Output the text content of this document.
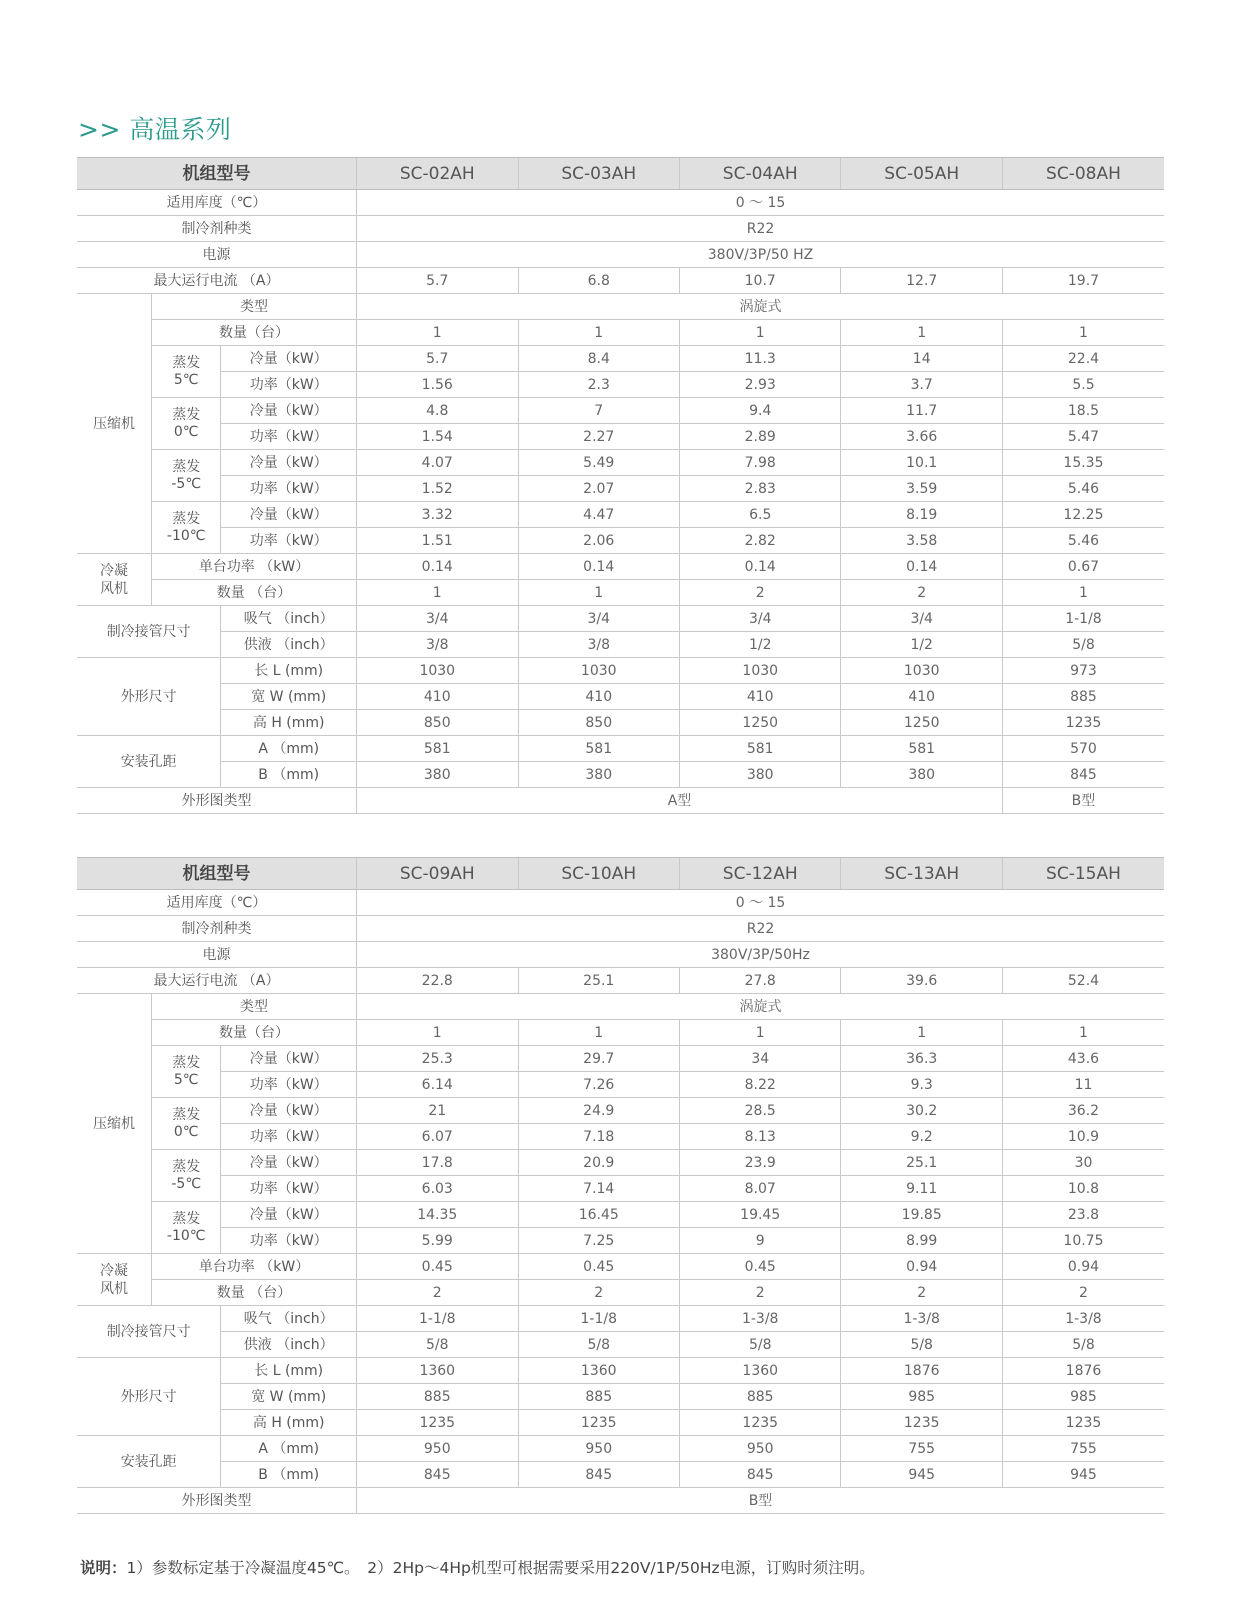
>> 高温系列
机组型号			SC-02AH	SC-03AH	SC-04AH	SC-05AH	SC-08AH
适用库度（℃）			0 ～ 15				
制冷剂种类			R22				
电源			380V/3P/50 HZ				
最大运行电流 （A）			5.7	6.8	10.7	12.7	19.7
压缩机	类型		涡旋式				
	数量（台）		1	1	1	1	1
	蒸发
5℃	冷量（kW）	5.7	8.4	11.3	14	22.4
		功率（kW）	1.56	2.3	2.93	3.7	5.5
	蒸发
0℃	冷量（kW）	4.8	7	9.4	11.7	18.5
		功率（kW）	1.54	2.27	2.89	3.66	5.47
	蒸发
-5℃	冷量（kW）	4.07	5.49	7.98	10.1	15.35
		功率（kW）	1.52	2.07	2.83	3.59	5.46
	蒸发
-10℃	冷量（kW）	3.32	4.47	6.5	8.19	12.25
		功率（kW）	1.51	2.06	2.82	3.58	5.46
冷凝
风机	单台功率 （kW）		0.14	0.14	0.14	0.14	0.67
	数量 （台）		1	1	2	2	1
制冷接管尺寸		吸气 （inch）	3/4	3/4	3/4	3/4	1-1/8
		供液 （inch）	3/8	3/8	1/2	1/2	5/8
外形尺寸		长 L (mm)	1030	1030	1030	1030	973
		宽 W (mm)	410	410	410	410	885
		高 H (mm)	850	850	1250	1250	1235
安装孔距		A （mm)	581	581	581	581	570
		B （mm)	380	380	380	380	845
外形图类型			A型				B型
机组型号			SC-09AH	SC-10AH	SC-12AH	SC-13AH	SC-15AH
适用库度（℃）			0 ～ 15				
制冷剂种类			R22				
电源			380V/3P/50Hz				
最大运行电流 （A）			22.8	25.1	27.8	39.6	52.4
压缩机	类型		涡旋式				
	数量（台）		1	1	1	1	1
	蒸发
5℃	冷量（kW）	25.3	29.7	34	36.3	43.6
		功率（kW）	6.14	7.26	8.22	9.3	11
	蒸发
0℃	冷量（kW）	21	24.9	28.5	30.2	36.2
		功率（kW）	6.07	7.18	8.13	9.2	10.9
	蒸发
-5℃	冷量（kW）	17.8	20.9	23.9	25.1	30
		功率（kW）	6.03	7.14	8.07	9.11	10.8
	蒸发
-10℃	冷量（kW）	14.35	16.45	19.45	19.85	23.8
		功率（kW）	5.99	7.25	9	8.99	10.75
冷凝
风机	单台功率 （kW）		0.45	0.45	0.45	0.94	0.94
	数量 （台）		2	2	2	2	2
制冷接管尺寸		吸气 （inch）	1-1/8	1-1/8	1-3/8	1-3/8	1-3/8
		供液 （inch）	5/8	5/8	5/8	5/8	5/8
外形尺寸		长 L (mm)	1360	1360	1360	1876	1876
		宽 W (mm)	885	885	885	985	985
		高 H (mm)	1235	1235	1235	1235	1235
安装孔距		A （mm)	950	950	950	755	755
		B （mm)	845	845	845	945	945
外形图类型			B型				
说明：1）参数标定基于冷凝温度45℃。　2）2Hp～4Hp机型可根据需要采用220V/1P/50Hz电源，订购时须注明。
